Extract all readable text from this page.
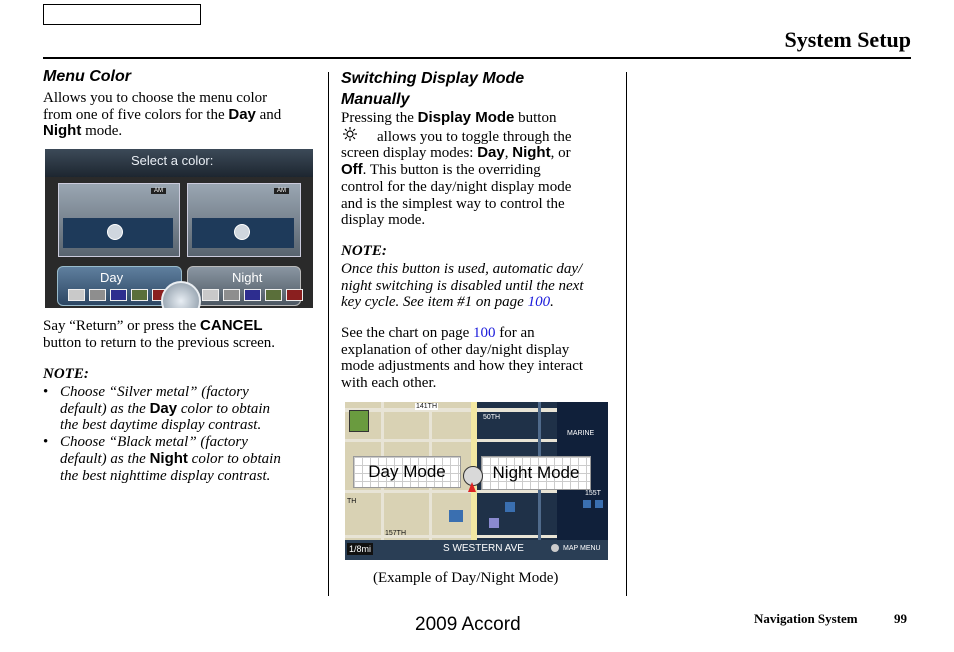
System Setup
Menu Color
Allows you to choose the menu color
from one of five colors for the Day and
Night mode.
Select a color:
AM	AM
Day	Night
Say “Return” or press the CANCEL
button to return to the previous screen.
NOTE:
• Choose “Silver metal” (factory
default) as the Day color to obtain
the best daytime display contrast.
• Choose “Black metal” (factory
default) as the Night color to obtain
the best nighttime display contrast.
Switching Display Mode
Manually
Pressing the Display Mode button
allows you to toggle through the
screen display modes: Day, Night, or
Off. This button is the overriding
control for the day/night display mode
and is the simplest way to control the
display mode.
NOTE:
Once this button is used, automatic day/
night switching is disabled until the next
key cycle. See item #1 on page 100.
See the chart on page 100 for an
explanation of other day/night display
mode adjustments and how they interact
with each other.
141TH
50TH
MARINE
155T
157TH
TH
Day Mode	Night Mode
1/8mi	S WESTERN AVE	MAP MENU
(Example of Day/Night Mode)
2009 Accord	Navigation System	99
